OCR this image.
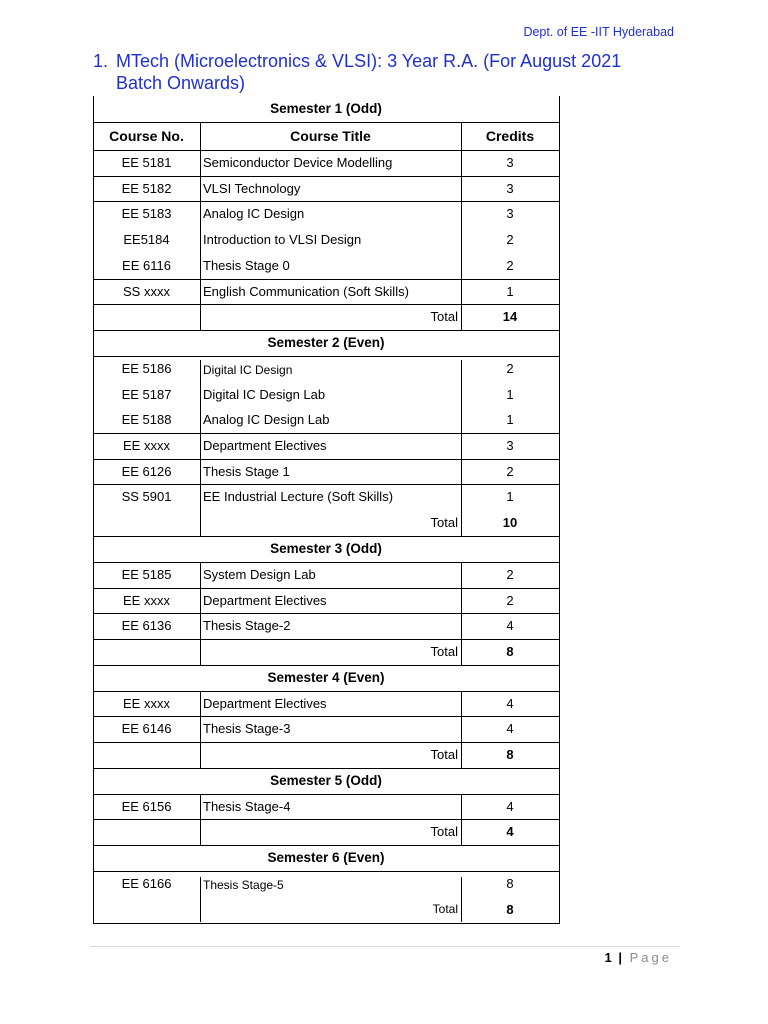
Dept. of EE -IIT Hyderabad
1. MTech (Microelectronics & VLSI): 3 Year R.A. (For August 2021 Batch Onwards)
Semester 1 (Odd)
Course No.	Course Title	Credits
EE 5181	Semiconductor Device Modelling	3
EE 5182	VLSI Technology	3
EE 5183	Analog IC Design	3
EE5184	Introduction to VLSI Design	2
EE 6116	Thesis Stage 0	2
SS xxxx	English Communication (Soft Skills)	1
Total	14
Semester 2 (Even)
EE 5186	Digital IC Design	2
EE 5187	Digital IC Design Lab	1
EE 5188	Analog IC Design Lab	1
EE xxxx	Department Electives	3
EE 6126	Thesis Stage 1	2
SS 5901	EE Industrial Lecture (Soft Skills)	1
Total	10
Semester 3 (Odd)
EE 5185	System Design Lab	2
EE xxxx	Department Electives	2
EE 6136	Thesis Stage-2	4
Total	8
Semester 4 (Even)
EE xxxx	Department Electives	4
EE 6146	Thesis Stage-3	4
Total	8
Semester 5 (Odd)
EE 6156	Thesis Stage-4	4
Total	4
Semester 6 (Even)
EE 6166	Thesis Stage-5	8
Total	8
1 | Page
